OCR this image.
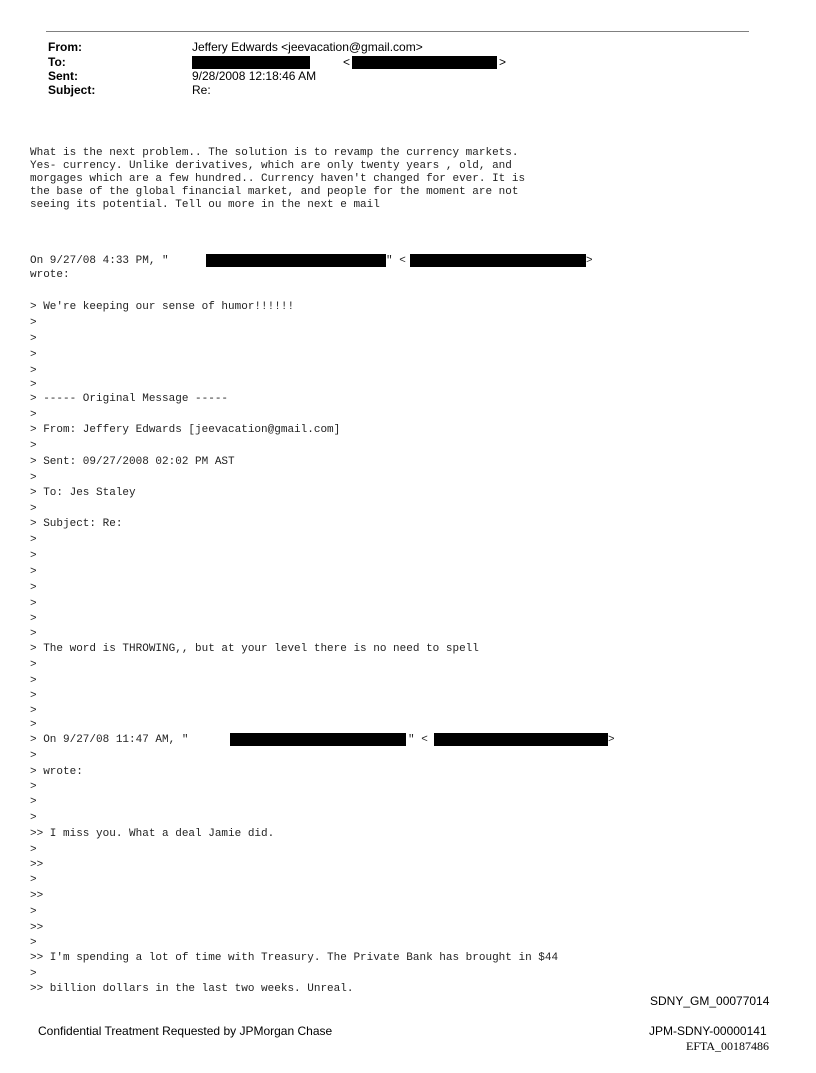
From:	Jeffery Edwards <jeevacation@gmail.com>
To:	<	>
Sent:	9/28/2008 12:18:46 AM
Subject:	Re:
What is the next problem.. The solution is to revamp the currency markets.
Yes- currency. Unlike derivatives, which are only twenty years , old, and
morgages which are a few hundred.. Currency haven't changed for ever. It is
the base of the global financial market, and people for the moment are not
seeing its potential. Tell ou more in the next e mail
On 9/27/08 4:33 PM, "	" <	>
wrote:
> We're keeping our sense of humor!!!!!!
>
>
>
>
>
> ----- Original Message -----
>
> From: Jeffery Edwards [jeevacation@gmail.com]
>
> Sent: 09/27/2008 02:02 PM AST
>
> To: Jes Staley
>
> Subject: Re:
>
>
>
>
>
>
>
> The word is THROWING,, but at your level there is no need to spell
>
>
>
>
>
> On 9/27/08 11:47 AM, "	" <	>
>
> wrote:
>
>
>
>> I miss you. What a deal Jamie did.
>
>>
>
>>
>
>>
>
>> I'm spending a lot of time with Treasury. The Private Bank has brought in $44
>
>> billion dollars in the last two weeks. Unreal.
SDNY_GM_00077014
Confidential Treatment Requested by JPMorgan Chase	JPM-SDNY-00000141
EFTA_00187486
